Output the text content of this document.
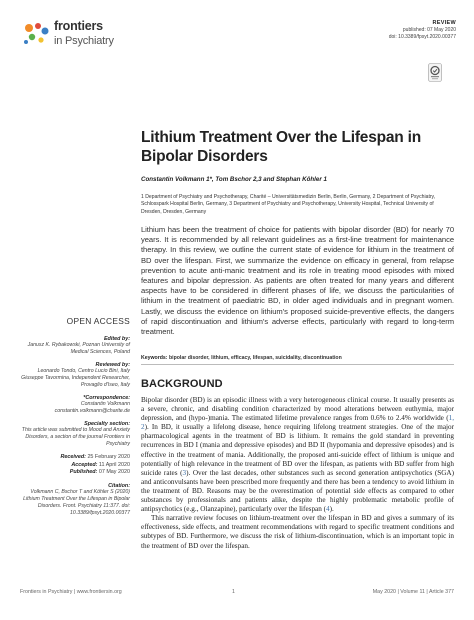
frontiers
in Psychiatry
REVIEW
published: 07 May 2020
doi: 10.3389/fpsyt.2020.00377
Lithium Treatment Over the Lifespan in Bipolar Disorders
Constantin Volkmann 1*, Tom Bschor 2,3 and Stephan Köhler 1

1 Department of Psychiatry and Psychotherapy, Charité – Universitätsmedizin Berlin, Berlin, Germany, 2 Department of Psychiatry, Schlosspark Hospital Berlin, Germany, 3 Department of Psychiatry and Psychotherapy, University Hospital, Technical University of Dresden, Dresden, Germany

Lithium has been the treatment of choice for patients with bipolar disorder (BD) for nearly 70 years. It is recommended by all relevant guidelines as a first-line treatment for maintenance therapy. In this review, we outline the current state of evidence for lithium in the treatment of BD over the lifespan. First, we summarize the evidence on efficacy in general, from relapse prevention to acute anti-manic treatment and its role in treating mood episodes with mixed features and bipolar depression. As patients are often treated for many years and different aspects have to be considered in different phases of life, we discuss the particularities of lithium in the treatment of paediatric BD, in older aged individuals and in pregnant women. Lastly, we discuss the evidence on lithium's proposed suicide-preventive effects, the dangers of rapid discontinuation and lithium's adverse effects, particularly with regard to long-term treatment.
Keywords: bipolar disorder, lithium, efficacy, lifespan, suicidality, discontinuation
BACKGROUND

Bipolar disorder (BD) is an episodic illness with a very heterogeneous clinical course. It usually presents as a severe, chronic, and disabling condition characterized by mood alterations between euthymia, major depression, and (hypo-)mania. The estimated lifetime prevalence ranges from 0.6% to 2.4% worldwide (1, 2). In BD, it usually a lifelong disease, hence requiring lifelong treatment strategies. One of the major pharmacological agents in the treatment of BD is lithium. It remains the gold standard in preventing recurrences in BD I (mania and depressive episodes) and BD II (hypomania and depressive episodes) and is effective in the treatment of mania. Additionally, the proposed anti-suicide effect of lithium is unique and potentially of high relevance in the treatment of BD over the lifespan, as patients with BD suffer from high suicide rates (3). Over the last decades, other substances such as second generation antipsychotics (SGA) and anticonvulsants have been prescribed more frequently and there has been a tendency to avoid lithium in the treatment of BD. Reasons may be the overestimation of potential side effects as compared to other substances by professionals and patients alike, despite the highly problematic metabolic profile of antipsychotics (e.g., Olanzapine), particularly over the lifespan (4).

This narrative review focuses on lithium-treatment over the lifespan in BD and gives a summary of its effectiveness, side effects, and treatment recommendations with regard to specific treatment conditions and subtypes of BD. Furthermore, we discuss the risk of lithium-discontinuation, which is an important topic in the treatment of BD over the lifespan.

OPEN ACCESS
Edited by:
Janusz K. Rybakowski, Poznan University of Medical Sciences, Poland
Reviewed by:
Leonardo Tondo, Centro Lucio Bini, Italy Giuseppe Tavormina, Independent Researcher, Provaglio d'Iseo, Italy
*Correspondence:
Constantin Volkmann constantin.volkmann@charite.de
Specialty section:
This article was submitted to Mood and Anxiety Disorders, a section of the journal Frontiers in Psychiatry
Received: 25 February 2020
Accepted: 11 April 2020
Published: 07 May 2020
Citation:
Volkmann C, Bschor T and Köhler S (2020) Lithium Treatment Over the Lifespan in Bipolar Disorders. Front. Psychiatry 11:377. doi: 10.3389/fpsyt.2020.00377
Frontiers in Psychiatry | www.frontiersin.org	1	May 2020 | Volume 11 | Article 377
